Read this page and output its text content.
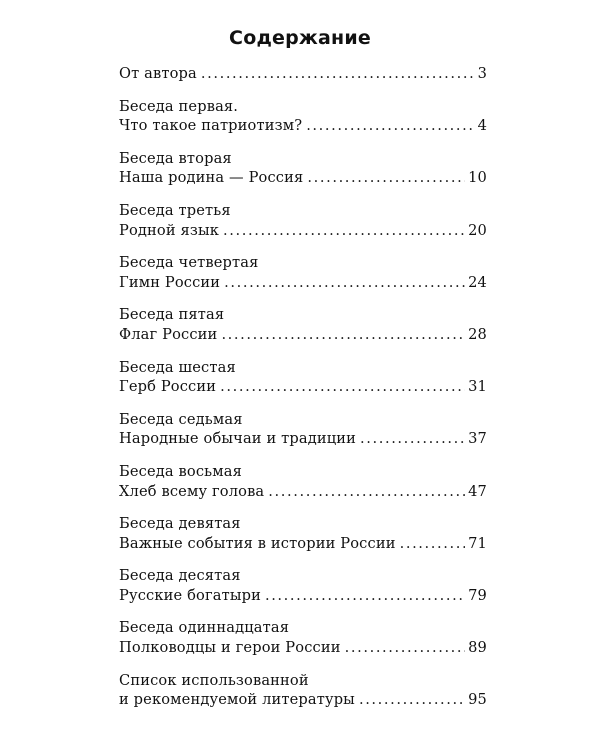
Содержание
От автора .....	3
Беседа первая.
Что такое патриотизм? .....	4
Беседа вторая
Наша родина — Россия .....	10
Беседа третья
Родной язык .....	20
Беседа четвертая
Гимн России .....	24
Беседа пятая
Флаг России .....	28
Беседа шестая
Герб России .....	31
Беседа седьмая
Народные обычаи и традиции .....	37
Беседа восьмая
Хлеб всему голова .....	47
Беседа девятая
Важные события в истории России .....	71
Беседа десятая
Русские богатыри .....	79
Беседа одиннадцатая
Полководцы и герои России .....	89
Список использованной
и рекомендуемой литературы .....	95
